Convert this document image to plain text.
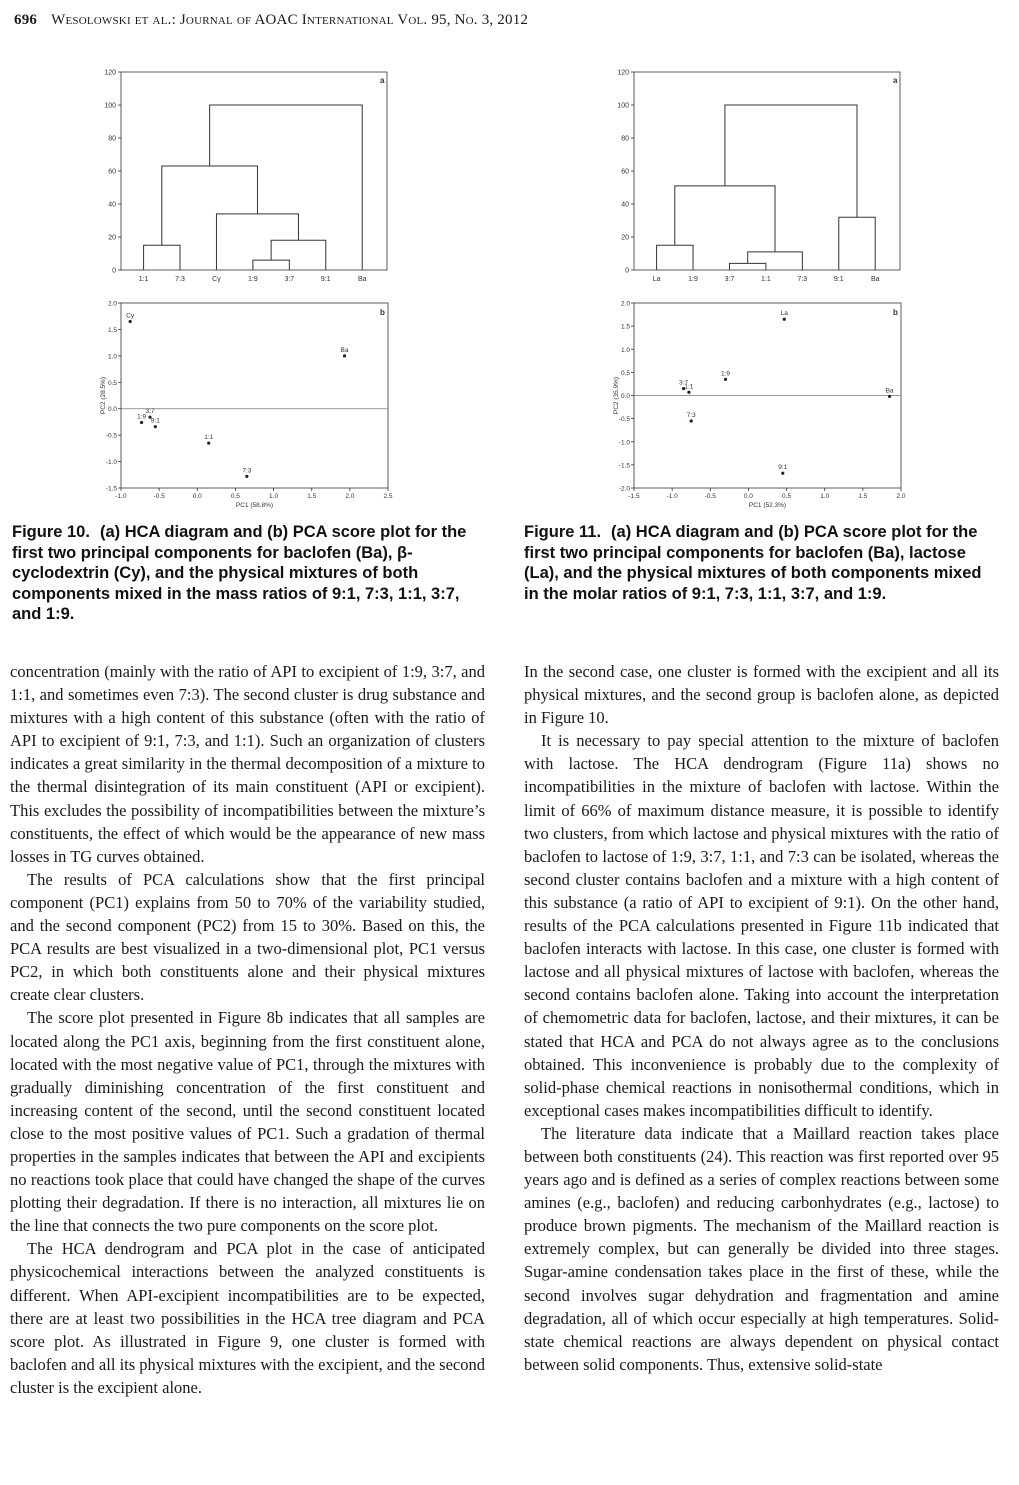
696 Wesolowski et al.: Journal of AOAC International Vol. 95, No. 3, 2012
0
20
40
60
80
100
120
a
1:1	7:3	Cy	1:9	3:7	9:1	Ba
-1.0	-0.5	0.0	0.5	1.0	1.5	2.0	2.5
-1.5
-1.0
-0.5
0.0
0.5
1.0
1.5
2.0
PC1 (58.8%)
PC2 (28.5%)
b
Cy
Ba
1:9
3:7
9:1
1:1
7:3
0
20
40
60
80
100
120
a
La	1:9	3:7	1:1	7:3	9:1	Ba
-1.5	-1.0	-0.5	0.0	0.5	1.0	1.5	2.0
-2.0
-1.5
-1.0
-0.5
0.0
0.5
1.0
1.5
2.0
PC1 (52.3%)
PC2 (35.9%)
b
La
Ba
1:9
3:7
1:1
7:3
9:1
Figure 10. (a) HCA diagram and (b) PCA score plot for the first two principal components for baclofen (Ba), β-cyclodextrin (Cy), and the physical mixtures of both components mixed in the mass ratios of 9:1, 7:3, 1:1, 3:7, and 1:9.
Figure 11. (a) HCA diagram and (b) PCA score plot for the first two principal components for baclofen (Ba), lactose (La), and the physical mixtures of both components mixed in the molar ratios of 9:1, 7:3, 1:1, 3:7, and 1:9.

concentration (mainly with the ratio of API to excipient of 1:9, 3:7, and 1:1, and sometimes even 7:3). The second cluster is drug substance and mixtures with a high content of this substance (often with the ratio of API to excipient of 9:1, 7:3, and 1:1). Such an organization of clusters indicates a great similarity in the thermal decomposition of a mixture to the thermal disintegration of its main constituent (API or excipient). This excludes the possibility of incompatibilities between the mixture’s constituents, the effect of which would be the appearance of new mass losses in TG curves obtained.

The results of PCA calculations show that the first principal component (PC1) explains from 50 to 70% of the variability studied, and the second component (PC2) from 15 to 30%. Based on this, the PCA results are best visualized in a two-dimensional plot, PC1 versus PC2, in which both constituents alone and their physical mixtures create clear clusters.

The score plot presented in Figure 8b indicates that all samples are located along the PC1 axis, beginning from the first constituent alone, located with the most negative value of PC1, through the mixtures with gradually diminishing concentration of the first constituent and increasing content of the second, until the second constituent located close to the most positive values of PC1. Such a gradation of thermal properties in the samples indicates that between the API and excipients no reactions took place that could have changed the shape of the curves plotting their degradation. If there is no interaction, all mixtures lie on the line that connects the two pure components on the score plot.

The HCA dendrogram and PCA plot in the case of anticipated physicochemical interactions between the analyzed constituents is different. When API-excipient incompatibilities are to be expected, there are at least two possibilities in the HCA tree diagram and PCA score plot. As illustrated in Figure 9, one cluster is formed with baclofen and all its physical mixtures with the excipient, and the second cluster is the excipient alone.

In the second case, one cluster is formed with the excipient and all its physical mixtures, and the second group is baclofen alone, as depicted in Figure 10.

It is necessary to pay special attention to the mixture of baclofen with lactose. The HCA dendrogram (Figure 11a) shows no incompatibilities in the mixture of baclofen with lactose. Within the limit of 66% of maximum distance measure, it is possible to identify two clusters, from which lactose and physical mixtures with the ratio of baclofen to lactose of 1:9, 3:7, 1:1, and 7:3 can be isolated, whereas the second cluster contains baclofen and a mixture with a high content of this substance (a ratio of API to excipient of 9:1). On the other hand, results of the PCA calculations presented in Figure 11b indicated that baclofen interacts with lactose. In this case, one cluster is formed with lactose and all physical mixtures of lactose with baclofen, whereas the second contains baclofen alone. Taking into account the interpretation of chemometric data for baclofen, lactose, and their mixtures, it can be stated that HCA and PCA do not always agree as to the conclusions obtained. This inconvenience is probably due to the complexity of solid-phase chemical reactions in nonisothermal conditions, which in exceptional cases makes incompatibilities difficult to identify.

The literature data indicate that a Maillard reaction takes place between both constituents (24). This reaction was first reported over 95 years ago and is defined as a series of complex reactions between some amines (e.g., baclofen) and reducing carbonhydrates (e.g., lactose) to produce brown pigments. The mechanism of the Maillard reaction is extremely complex, but can generally be divided into three stages. Sugar-amine condensation takes place in the first of these, while the second involves sugar dehydration and fragmentation and amine degradation, all of which occur especially at high temperatures. Solid-state chemical reactions are always dependent on physical contact between solid components. Thus, extensive solid-state
